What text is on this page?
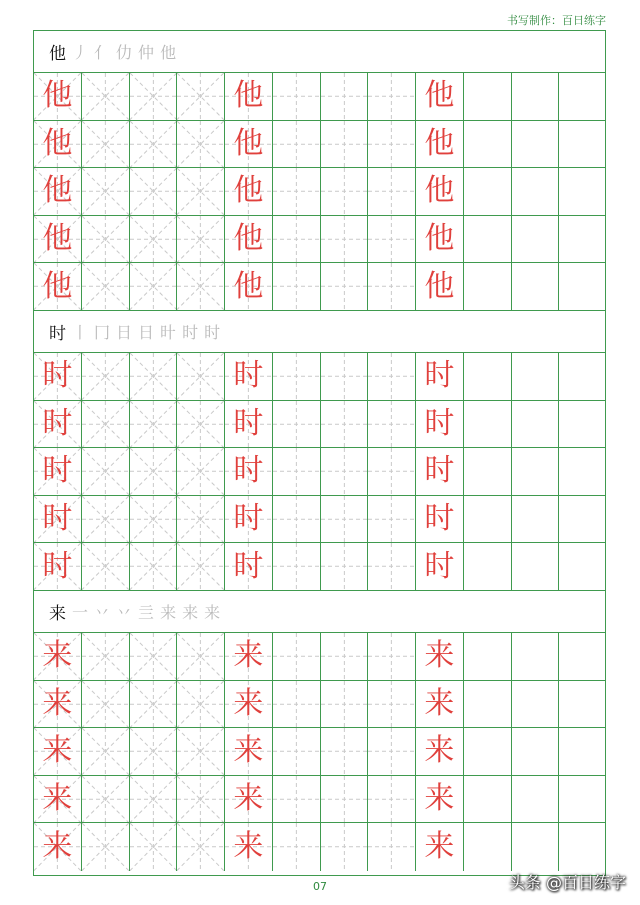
书写制作：百日练字
他 丿 亻 仂 仲 他
他	他	他
他	他	他
他	他	他
他	他	他
他	他	他
时 丨 冂 日 日 旪 时 时
时	时	时
时	时	时
时	时	时
时	时	时
时	时	时
来 一 丷 丷 亖 来 来 来
来	来	来
来	来	来
来	来	来
来	来	来
来	来	来
07	头条 @百日练字
